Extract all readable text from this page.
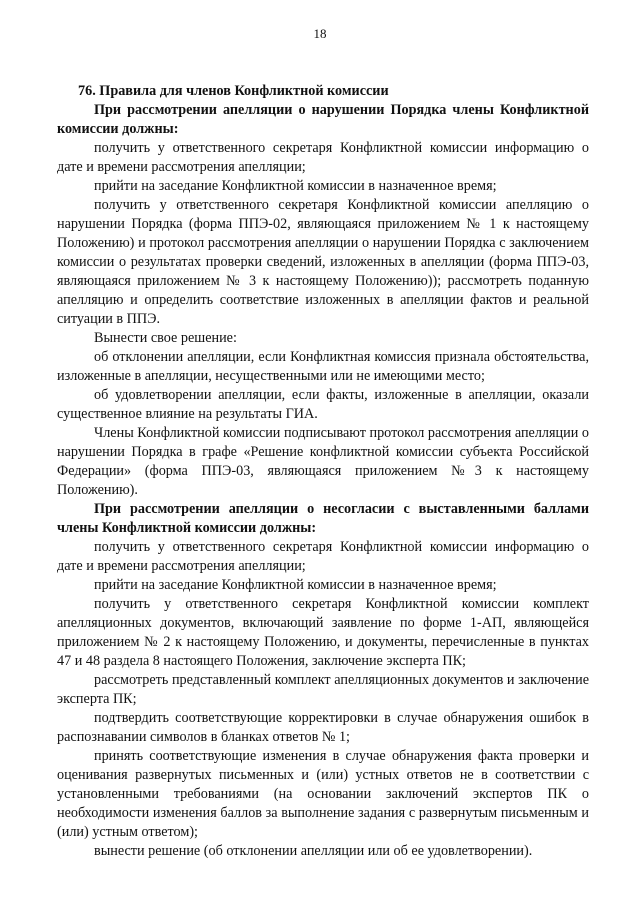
18

76. Правила для членов Конфликтной комиссии

При рассмотрении апелляции о нарушении Порядка члены Конфликтной комиссии должны:

получить у ответственного секретаря Конфликтной комиссии информацию о дате и времени рассмотрения апелляции;

прийти на заседание Конфликтной комиссии в назначенное время;

получить у ответственного секретаря Конфликтной комиссии апелляцию о нарушении Порядка (форма ППЭ-02, являющаяся приложением № 1 к настоящему Положению) и протокол рассмотрения апелляции о нарушении Порядка с заключением комиссии о результатах проверки сведений, изложенных в апелляции (форма ППЭ-03, являющаяся приложением № 3 к настоящему Положению)); рассмотреть поданную апелляцию и определить соответствие изложенных в апелляции фактов и реальной ситуации в ППЭ.

Вынести свое решение:

об отклонении апелляции, если Конфликтная комиссия признала обстоятельства, изложенные в апелляции, несущественными или не имеющими место;

об удовлетворении апелляции, если факты, изложенные в апелляции, оказали существенное влияние на результаты ГИА.

Члены Конфликтной комиссии подписывают протокол рассмотрения апелляции о нарушении Порядка в графе «Решение конфликтной комиссии субъекта Российской Федерации» (форма ППЭ-03, являющаяся приложением №3 к настоящему Положению).

При рассмотрении апелляции о несогласии с выставленными баллами члены Конфликтной комиссии должны:

получить у ответственного секретаря Конфликтной комиссии информацию о дате и времени рассмотрения апелляции;

прийти на заседание Конфликтной комиссии в назначенное время;

получить у ответственного секретаря Конфликтной комиссии комплект апелляционных документов, включающий заявление по форме 1-АП, являющейся приложением № 2 к настоящему Положению, и документы, перечисленные в пунктах 47 и 48 раздела 8 настоящего Положения, заключение эксперта ПК;

рассмотреть представленный комплект апелляционных документов и заключение эксперта ПК;

подтвердить соответствующие корректировки в случае обнаружения ошибок в распознавании символов в бланках ответов № 1;

принять соответствующие изменения в случае обнаружения факта проверки и оценивания развернутых письменных и (или) устных ответов не в соответствии с установленными требованиями (на основании заключений экспертов ПК о необходимости изменения баллов за выполнение задания с развернутым письменным и (или) устным ответом);

вынести решение (об отклонении апелляции или об ее удовлетворении).
